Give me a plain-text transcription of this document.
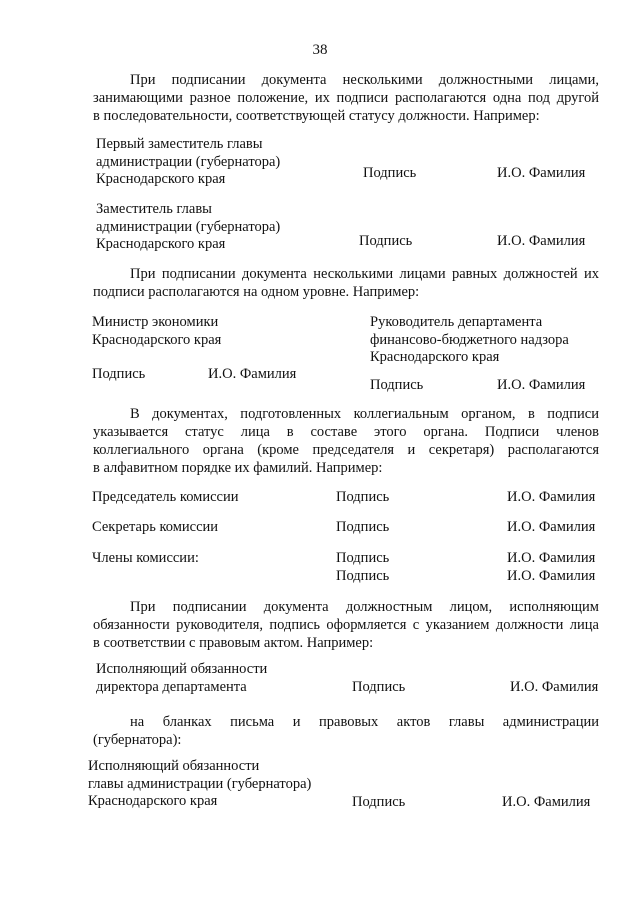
38
При подписании документа несколькими должностными лицами,
занимающими разное положение, их подписи располагаются одна под другой
в последовательности, соответствующей статусу должности. Например:
Первый заместитель главы
администрации (губернатора)
Краснодарского края	Подпись	И.О. Фамилия
Заместитель главы
администрации (губернатора)
Краснодарского края	Подпись	И.О. Фамилия
При подписании документа несколькими лицами равных должностей их
подписи располагаются на одном уровне. Например:
Министр экономики
Краснодарского края
Подпись	И.О. Фамилия
Руководитель департамента
финансово-бюджетного надзора
Краснодарского края
Подпись	И.О. Фамилия
В документах, подготовленных коллегиальным органом, в подписи
указывается статус лица в составе этого органа. Подписи членов
коллегиального органа (кроме председателя и секретаря) располагаются
в алфавитном порядке их фамилий. Например:
Председатель комиссии	Подпись	И.О. Фамилия
Секретарь комиссии	Подпись	И.О. Фамилия
Члены комиссии:	Подпись	И.О. Фамилия
Подпись	И.О. Фамилия
При подписании документа должностным лицом, исполняющим
обязанности руководителя, подпись оформляется с указанием должности лица
в соответствии с правовым актом. Например:
Исполняющий обязанности
директора департамента	Подпись	И.О. Фамилия
на бланках письма и правовых актов главы администрации
(губернатора):
Исполняющий обязанности
главы администрации (губернатора)
Краснодарского края	Подпись	И.О. Фамилия
